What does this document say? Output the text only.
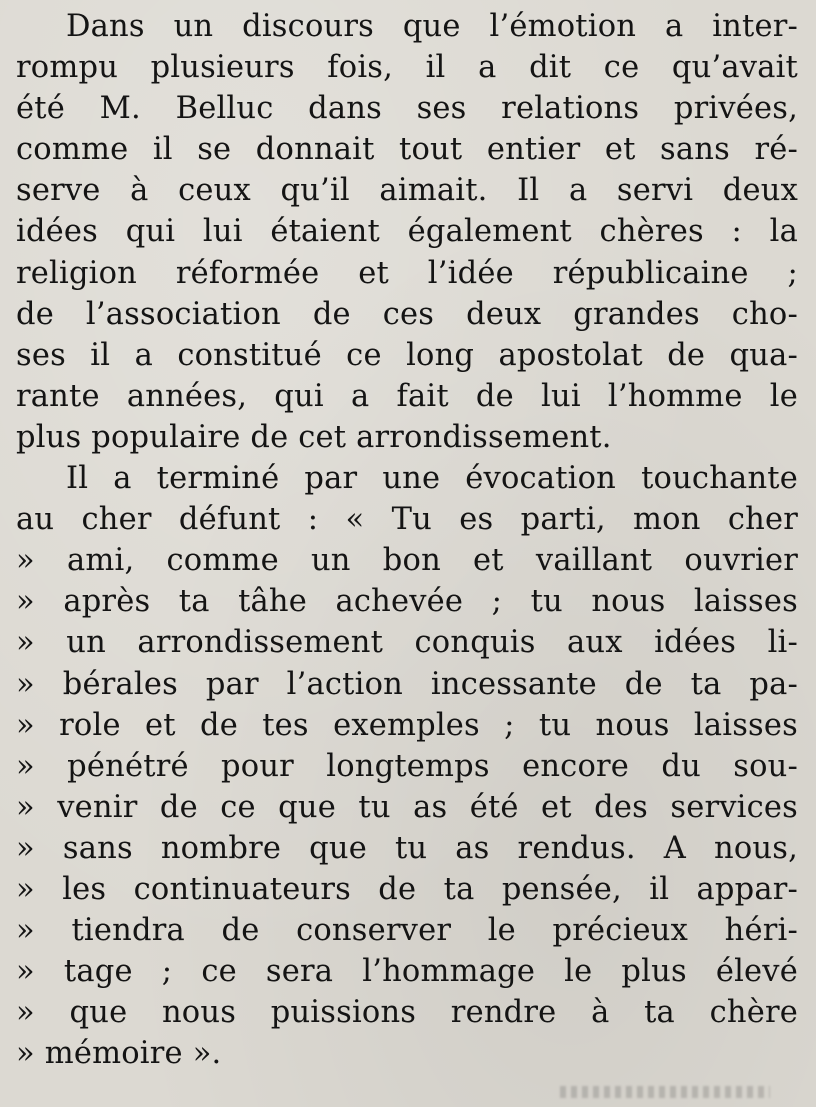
Dans un discours que l’émotion a inter-
rompu plusieurs fois, il a dit ce qu’avait
été M. Belluc dans ses relations privées,
comme il se donnait tout entier et sans ré-
serve à ceux qu’il aimait. Il a servi deux
idées qui lui étaient également chères : la
religion réformée et l’idée républicaine ;
de l’association de ces deux grandes cho-
ses il a constitué ce long apostolat de qua-
rante années, qui a fait de lui l’homme le
plus populaire de cet arrondissement.
Il a terminé par une évocation touchante
au cher défunt : « Tu es parti, mon cher
» ami, comme un bon et vaillant ouvrier
» après ta tâhe achevée ; tu nous laisses
» un arrondissement conquis aux idées li-
» bérales par l’action incessante de ta pa-
» role et de tes exemples ; tu nous laisses
» pénétré pour longtemps encore du sou-
» venir de ce que tu as été et des services
» sans nombre que tu as rendus. A nous,
» les continuateurs de ta pensée, il appar-
» tiendra de conserver le précieux héri-
» tage ; ce sera l’hommage le plus élevé
» que nous puissions rendre à ta chère
» mémoire ».
